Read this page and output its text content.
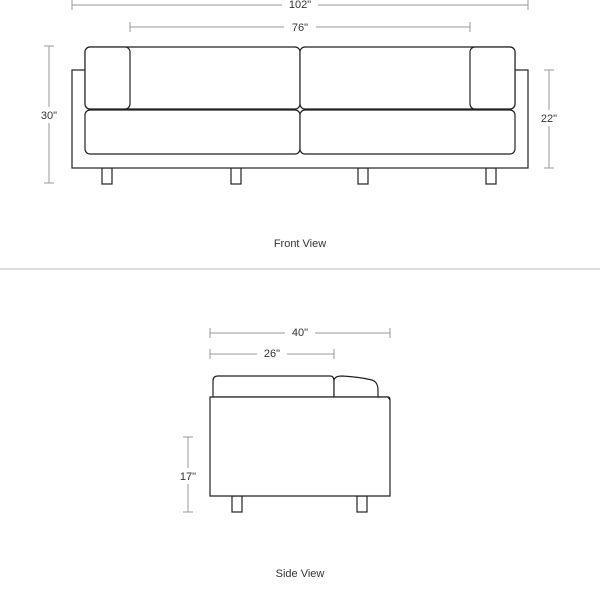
102"
76"
30"	22"
Front View
40"
26"
17"
Side View
